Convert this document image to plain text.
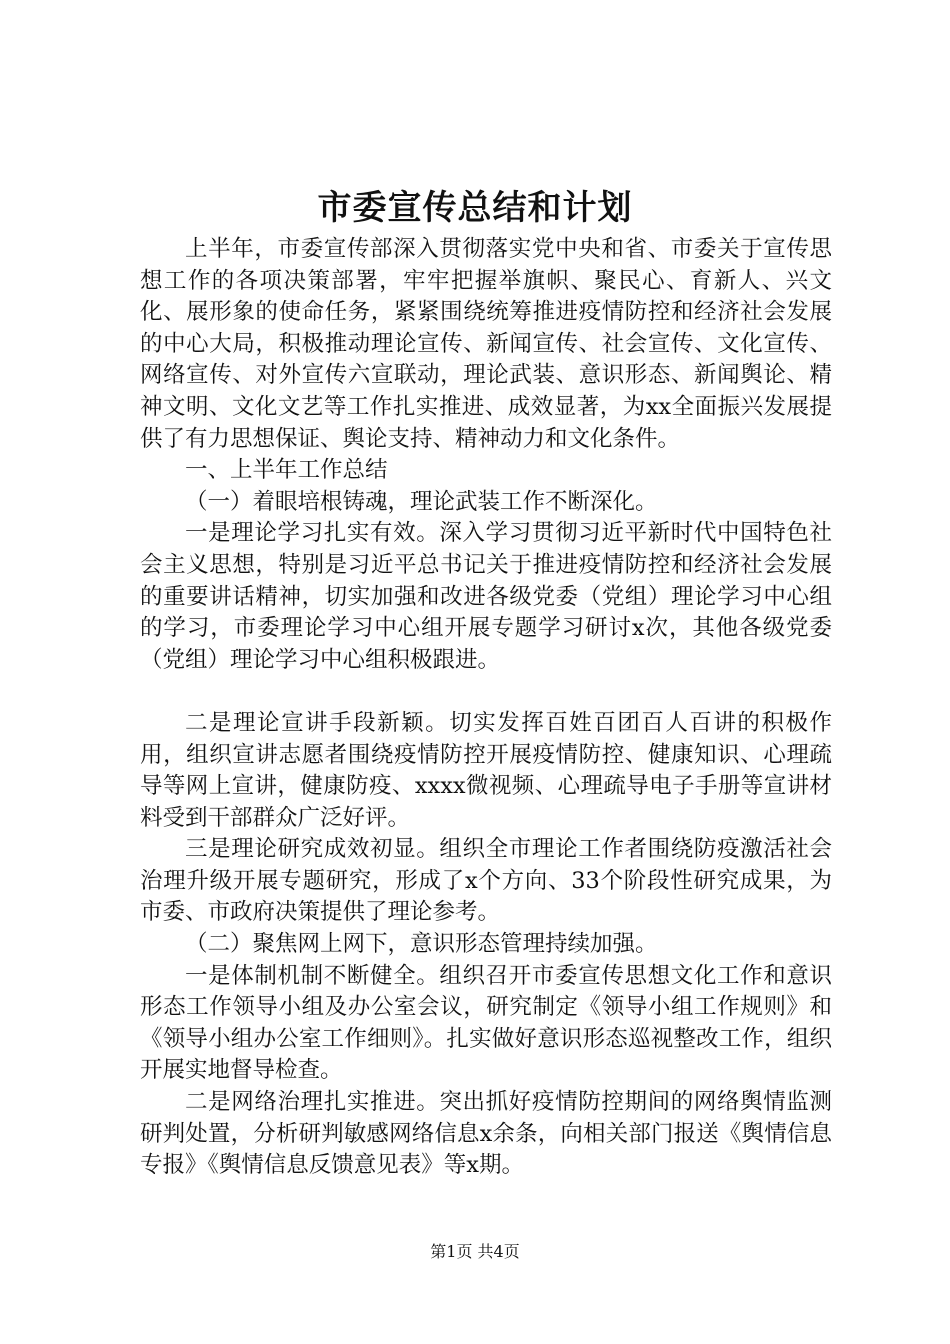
市委宣传总结和计划

上半年，市委宣传部深入贯彻落实党中央和省、市委关于宣传思想工作的各项决策部署，牢牢把握举旗帜、聚民心、育新人、兴文化、展形象的使命任务，紧紧围绕统筹推进疫情防控和经济社会发展的中心大局，积极推动理论宣传、新闻宣传、社会宣传、文化宣传、网络宣传、对外宣传六宣联动，理论武装、意识形态、新闻舆论、精神文明、文化文艺等工作扎实推进、成效显著，为xx全面振兴发展提供了有力思想保证、舆论支持、精神动力和文化条件。

一、上半年工作总结

（一）着眼培根铸魂，理论武装工作不断深化。

一是理论学习扎实有效。深入学习贯彻习近平新时代中国特色社会主义思想，特别是习近平总书记关于推进疫情防控和经济社会发展的重要讲话精神，切实加强和改进各级党委（党组）理论学习中心组的学习，市委理论学习中心组开展专题学习研讨x次，其他各级党委（党组）理论学习中心组积极跟进。

二是理论宣讲手段新颖。切实发挥百姓百团百人百讲的积极作用，组织宣讲志愿者围绕疫情防控开展疫情防控、健康知识、心理疏导等网上宣讲，健康防疫、xxxx微视频、心理疏导电子手册等宣讲材料受到干部群众广泛好评。

三是理论研究成效初显。组织全市理论工作者围绕防疫激活社会治理升级开展专题研究，形成了x个方向、33个阶段性研究成果，为市委、市政府决策提供了理论参考。

（二）聚焦网上网下，意识形态管理持续加强。

一是体制机制不断健全。组织召开市委宣传思想文化工作和意识形态工作领导小组及办公室会议，研究制定《领导小组工作规则》和《领导小组办公室工作细则》。扎实做好意识形态巡视整改工作，组织开展实地督导检查。

二是网络治理扎实推进。突出抓好疫情防控期间的网络舆情监测研判处置，分析研判敏感网络信息x余条，向相关部门报送《舆情信息专报》《舆情信息反馈意见表》等x期。

第1页 共4页
